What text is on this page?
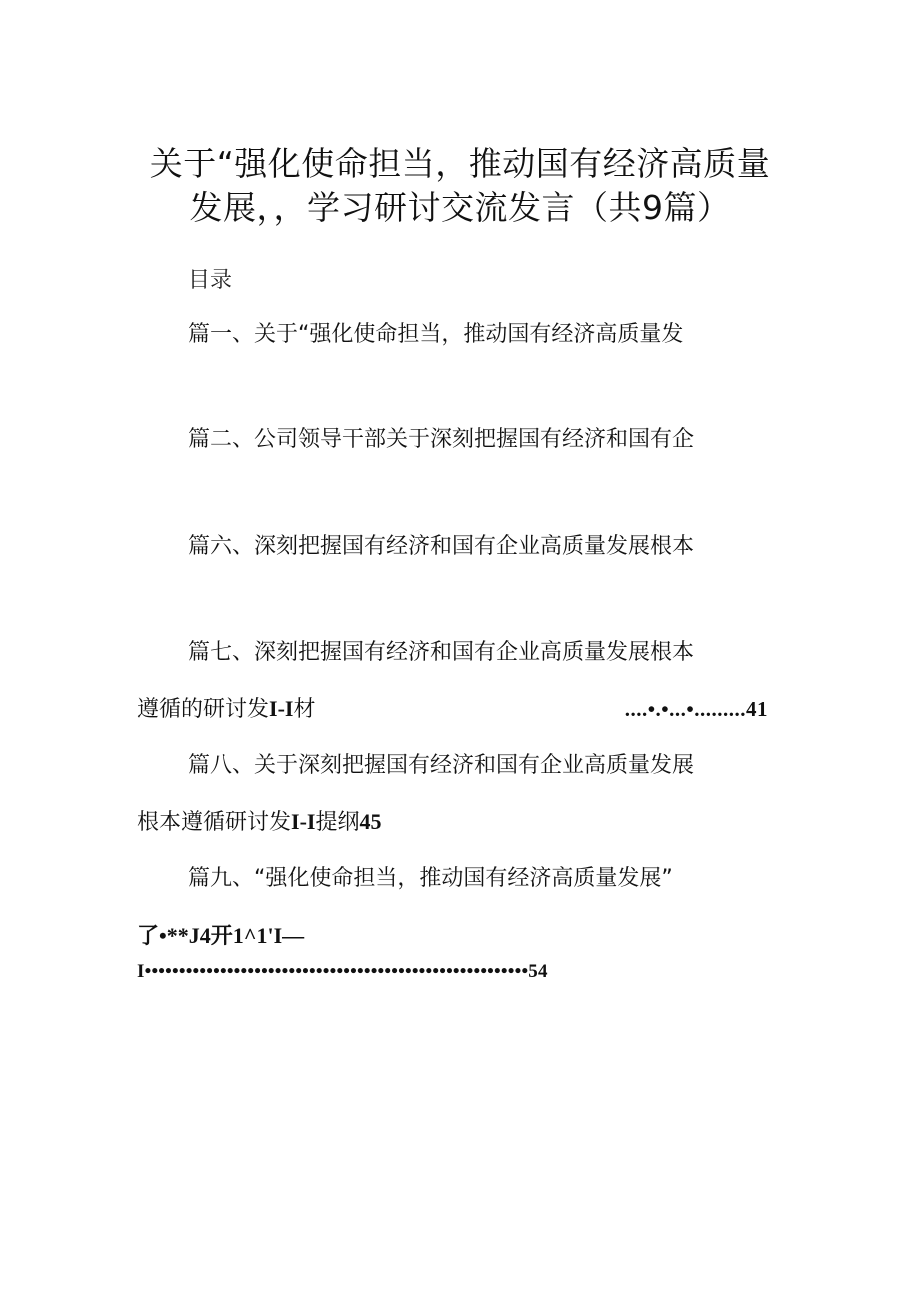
关于“强化使命担当，推动国有经济高质量
发展，，学习研讨交流发言（共9篇）
目录
篇一、关于“强化使命担当，推动国有经济高质量发
篇二、公司领导干部关于深刻把握国有经济和国有企
篇六、深刻把握国有经济和国有企业高质量发展根本
篇七、深刻把握国有经济和国有企业高质量发展根本
遵循的研讨发I-I材	....•.•...•.........41
篇八、关于深刻把握国有经济和国有企业高质量发展
根本遵循研讨发I-I提纲45
篇九、“强化使命担当，推动国有经济高质量发展”
了•**J4开1^1'I—
I••••••••••••••••••••••••••••••••••••••••••••••••••••••••54
